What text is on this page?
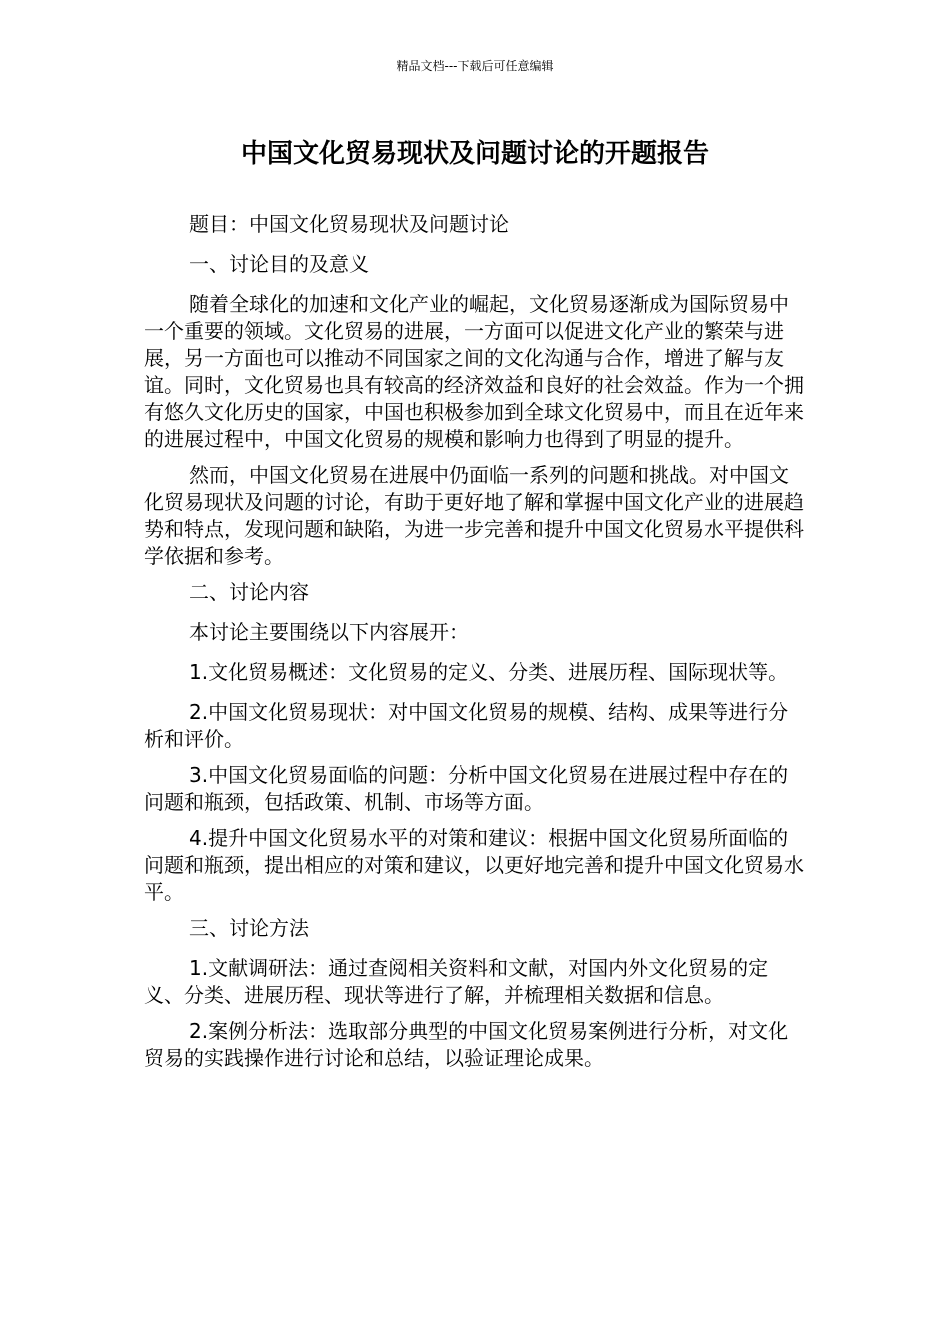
精品文档---下载后可任意编辑
中国文化贸易现状及问题讨论的开题报告

题目：中国文化贸易现状及问题讨论

一、讨论目的及意义

随着全球化的加速和文化产业的崛起，文化贸易逐渐成为国际贸易中一个重要的领域。文化贸易的进展，一方面可以促进文化产业的繁荣与进展，另一方面也可以推动不同国家之间的文化沟通与合作，增进了解与友谊。同时，文化贸易也具有较高的经济效益和良好的社会效益。作为一个拥有悠久文化历史的国家，中国也积极参加到全球文化贸易中，而且在近年来的进展过程中，中国文化贸易的规模和影响力也得到了明显的提升。

然而，中国文化贸易在进展中仍面临一系列的问题和挑战。对中国文化贸易现状及问题的讨论，有助于更好地了解和掌握中国文化产业的进展趋势和特点，发现问题和缺陷，为进一步完善和提升中国文化贸易水平提供科学依据和参考。

二、讨论内容

本讨论主要围绕以下内容展开：

1.文化贸易概述：文化贸易的定义、分类、进展历程、国际现状等。

2.中国文化贸易现状：对中国文化贸易的规模、结构、成果等进行分析和评价。

3.中国文化贸易面临的问题：分析中国文化贸易在进展过程中存在的问题和瓶颈，包括政策、机制、市场等方面。

4.提升中国文化贸易水平的对策和建议：根据中国文化贸易所面临的问题和瓶颈，提出相应的对策和建议，以更好地完善和提升中国文化贸易水平。

三、讨论方法

1.文献调研法：通过查阅相关资料和文献，对国内外文化贸易的定义、分类、进展历程、现状等进行了解，并梳理相关数据和信息。

2.案例分析法：选取部分典型的中国文化贸易案例进行分析，对文化贸易的实践操作进行讨论和总结，以验证理论成果。
